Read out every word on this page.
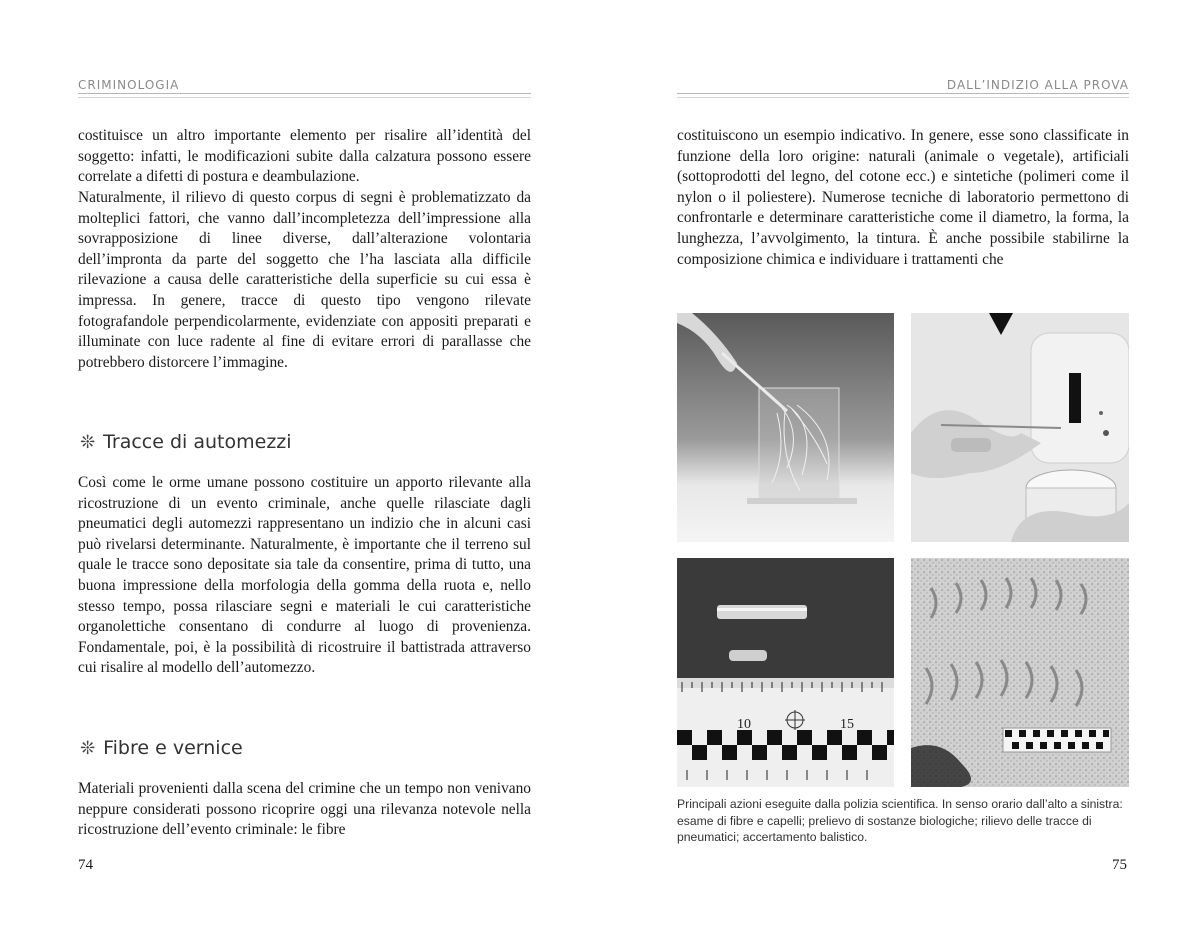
CRIMINOLOGIA

costituisce un altro importante elemento per risalire all’identità del soggetto: infatti, le modificazioni subite dalla calzatura possono essere correlate a difetti di postura e deambulazione.

Naturalmente, il rilievo di questo corpus di segni è problematizzato da molteplici fattori, che vanno dall’incompletezza dell’impressione alla sovrapposizione di linee diverse, dall’alterazione volontaria dell’impronta da parte del soggetto che l’ha lasciata alla difficile rilevazione a causa delle caratteristiche della superficie su cui essa è impressa. In genere, tracce di questo tipo vengono rilevate fotografandole perpendicolarmente, evidenziate con appositi preparati e illuminate con luce radente al fine di evitare errori di parallasse che potrebbero distorcere l’immagine.

❊ Tracce di automezzi

Così come le orme umane possono costituire un apporto rilevante alla ricostruzione di un evento criminale, anche quelle rilasciate dagli pneumatici degli automezzi rappresentano un indizio che in alcuni casi può rivelarsi determinante. Naturalmente, è importante che il terreno sul quale le tracce sono depositate sia tale da consentire, prima di tutto, una buona impressione della morfologia della gomma della ruota e, nello stesso tempo, possa rilasciare segni e materiali le cui caratteristiche organolettiche consentano di condurre al luogo di provenienza. Fondamentale, poi, è la possibilità di ricostruire il battistrada attraverso cui risalire al modello dell’automezzo.

❊ Fibre e vernice

Materiali provenienti dalla scena del crimine che un tempo non venivano neppure considerati possono ricoprire oggi una rilevanza notevole nella ricostruzione dell’evento criminale: le fibre

74
DALL’INDIZIO ALLA PROVA

costituiscono un esempio indicativo. In genere, esse sono classificate in funzione della loro origine: naturali (animale o vegetale), artificiali (sottoprodotti del legno, del cotone ecc.) e sintetiche (polimeri come il nylon o il poliestere). Numerose tecniche di laboratorio permettono di confrontarle e determinare caratteristiche come il diametro, la forma, la lunghezza, l’avvolgimento, la tintura. È anche possibile stabilirne la composizione chimica e individuare i trattamenti che

10	15

Principali azioni eseguite dalla polizia scientifica. In senso orario dall’alto a sinistra: esame di fibre e capelli; prelievo di sostanze biologiche; rilievo delle tracce di pneumatici; accertamento balistico.

75
